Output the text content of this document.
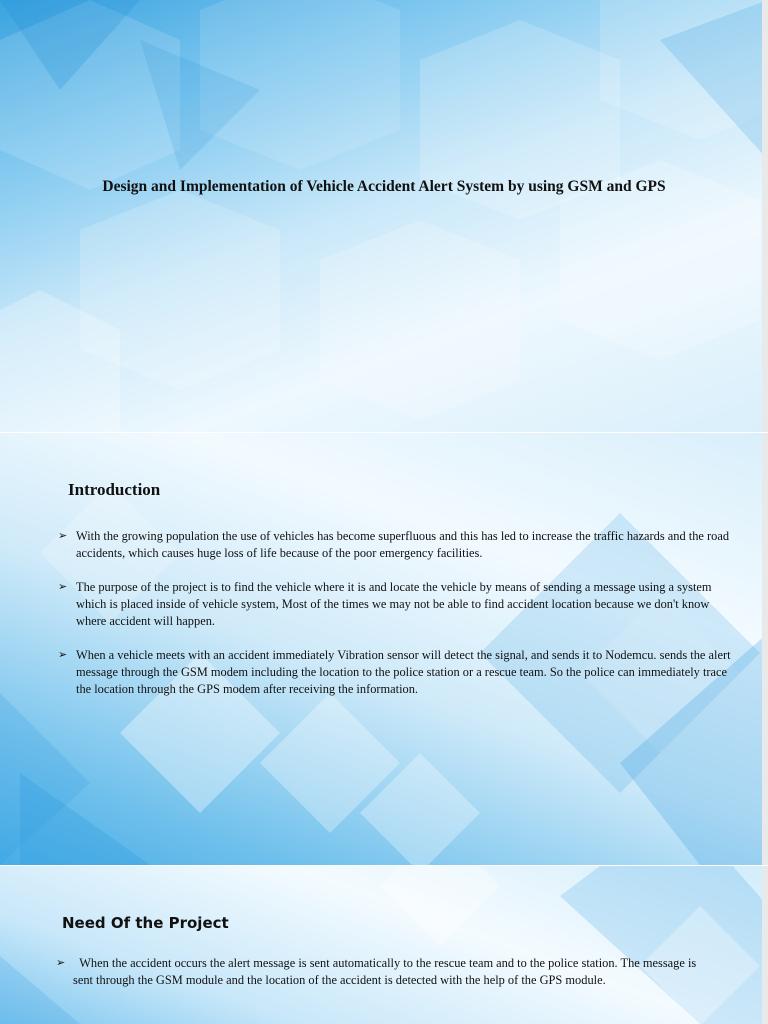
Design and Implementation of Vehicle Accident Alert System by using GSM and GPS
Introduction
➢ With the growing population the use of vehicles has become superfluous and this has led to increase the traffic hazards and the road accidents, which causes huge loss of life because of the poor emergency facilities.
➢ The purpose of the project is to find the vehicle where it is and locate the vehicle by means of sending a message using a system which is placed inside of vehicle system, Most of the times we may not be able to find accident location because we don't know where accident will happen.
➢ When a vehicle meets with an accident immediately Vibration sensor will detect the signal, and sends it to Nodemcu. sends the alert message through the GSM modem including the location to the police station or a rescue team. So the police can immediately trace the location through the GPS modem after receiving the information.
Need Of the Project
➢ When the accident occurs the alert message is sent automatically to the rescue team and to the police station. The message is sent through the GSM module and the location of the accident is detected with the help of the GPS module.
